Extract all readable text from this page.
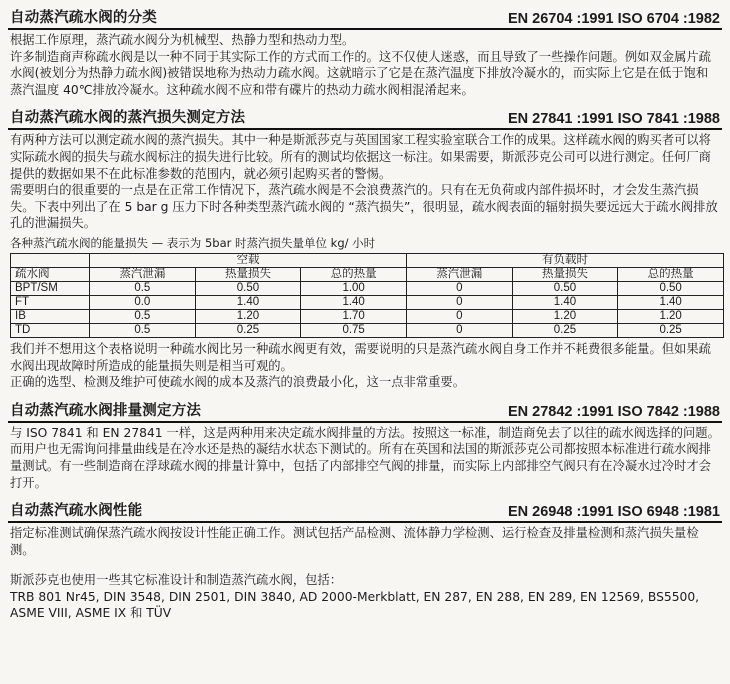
自动蒸汽疏水阀的分类	EN 26704 :1991 ISO 6704 :1982

根据工作原理，蒸汽疏水阀分为机械型、热静力型和热动力型。

许多制造商声称疏水阀是以一种不同于其实际工作的方式而工作的。这不仅使人迷惑，而且导致了一些操作问题。例如双金属片疏水阀(被划分为热静力疏水阀)被错误地称为热动力疏水阀。这就暗示了它是在蒸汽温度下排放冷凝水的，而实际上它是在低于饱和蒸汽温度 40℃排放冷凝水。这种疏水阀不应和带有碟片的热动力疏水阀相混淆起来。

自动蒸汽疏水阀的蒸汽损失测定方法	EN 27841 :1991 ISO 7841 :1988

有两种方法可以测定疏水阀的蒸汽损失。其中一种是斯派莎克与英国国家工程实验室联合工作的成果。这样疏水阀的购买者可以将实际疏水阀的损失与疏水阀标注的损失进行比较。所有的测试均依据这一标注。如果需要，斯派莎克公司可以进行测定。任何厂商提供的数据如果不在此标准参数的范围内，就必须引起购买者的警惕。

需要明白的很重要的一点是在正常工作情况下，蒸汽疏水阀是不会浪费蒸汽的。只有在无负荷或内部件损坏时，才会发生蒸汽损失。下表中列出了在 5 bar g 压力下时各种类型蒸汽疏水阀的 “蒸汽损失”，很明显，疏水阀表面的辐射损失要远远大于疏水阀排放孔的泄漏损失。

各种蒸汽疏水阀的能量损失 — 表示为 5bar 时蒸汽损失量单位 kg/ 小时
	空载			有负载时		
疏水阀	蒸汽泄漏	热量损失	总的热量	蒸汽泄漏	热量损失	总的热量
BPT/SM	0.5	0.50	1.00	0	0.50	0.50
FT	0.0	1.40	1.40	0	1.40	1.40
IB	0.5	1.20	1.70	0	1.20	1.20
TD	0.5	0.25	0.75	0	0.25	0.25

我们并不想用这个表格说明一种疏水阀比另一种疏水阀更有效，需要说明的只是蒸汽疏水阀自身工作并不耗费很多能量。但如果疏水阀出现故障时所造成的能量损失则是相当可观的。

正确的选型、检测及维护可使疏水阀的成本及蒸汽的浪费最小化，这一点非常重要。

自动蒸汽疏水阀排量测定方法	EN 27842 :1991 ISO 7842 :1988

与 ISO 7841 和 EN 27841 一样，这是两种用来决定疏水阀排量的方法。按照这一标准，制造商免去了以往的疏水阀选择的问题。而用户也无需询问排量曲线是在冷水还是热的凝结水状态下测试的。所有在英国和法国的斯派莎克公司都按照本标准进行疏水阀排量测试。有一些制造商在浮球疏水阀的排量计算中，包括了内部排空气阀的排量，而实际上内部排空气阀只有在冷凝水过冷时才会打开。

自动蒸汽疏水阀性能	EN 26948 :1991 ISO 6948 :1981

指定标准测试确保蒸汽疏水阀按设计性能正确工作。测试包括产品检测、流体静力学检测、运行检查及排量检测和蒸汽损失量检测。

斯派莎克也使用一些其它标准设计和制造蒸汽疏水阀，包括：

TRB 801 Nr45, DIN 3548, DIN 2501, DIN 3840, AD 2000-Merkblatt, EN 287, EN 288, EN 289, EN 12569, BS5500, ASME VIII, ASME IX 和 TÜV
